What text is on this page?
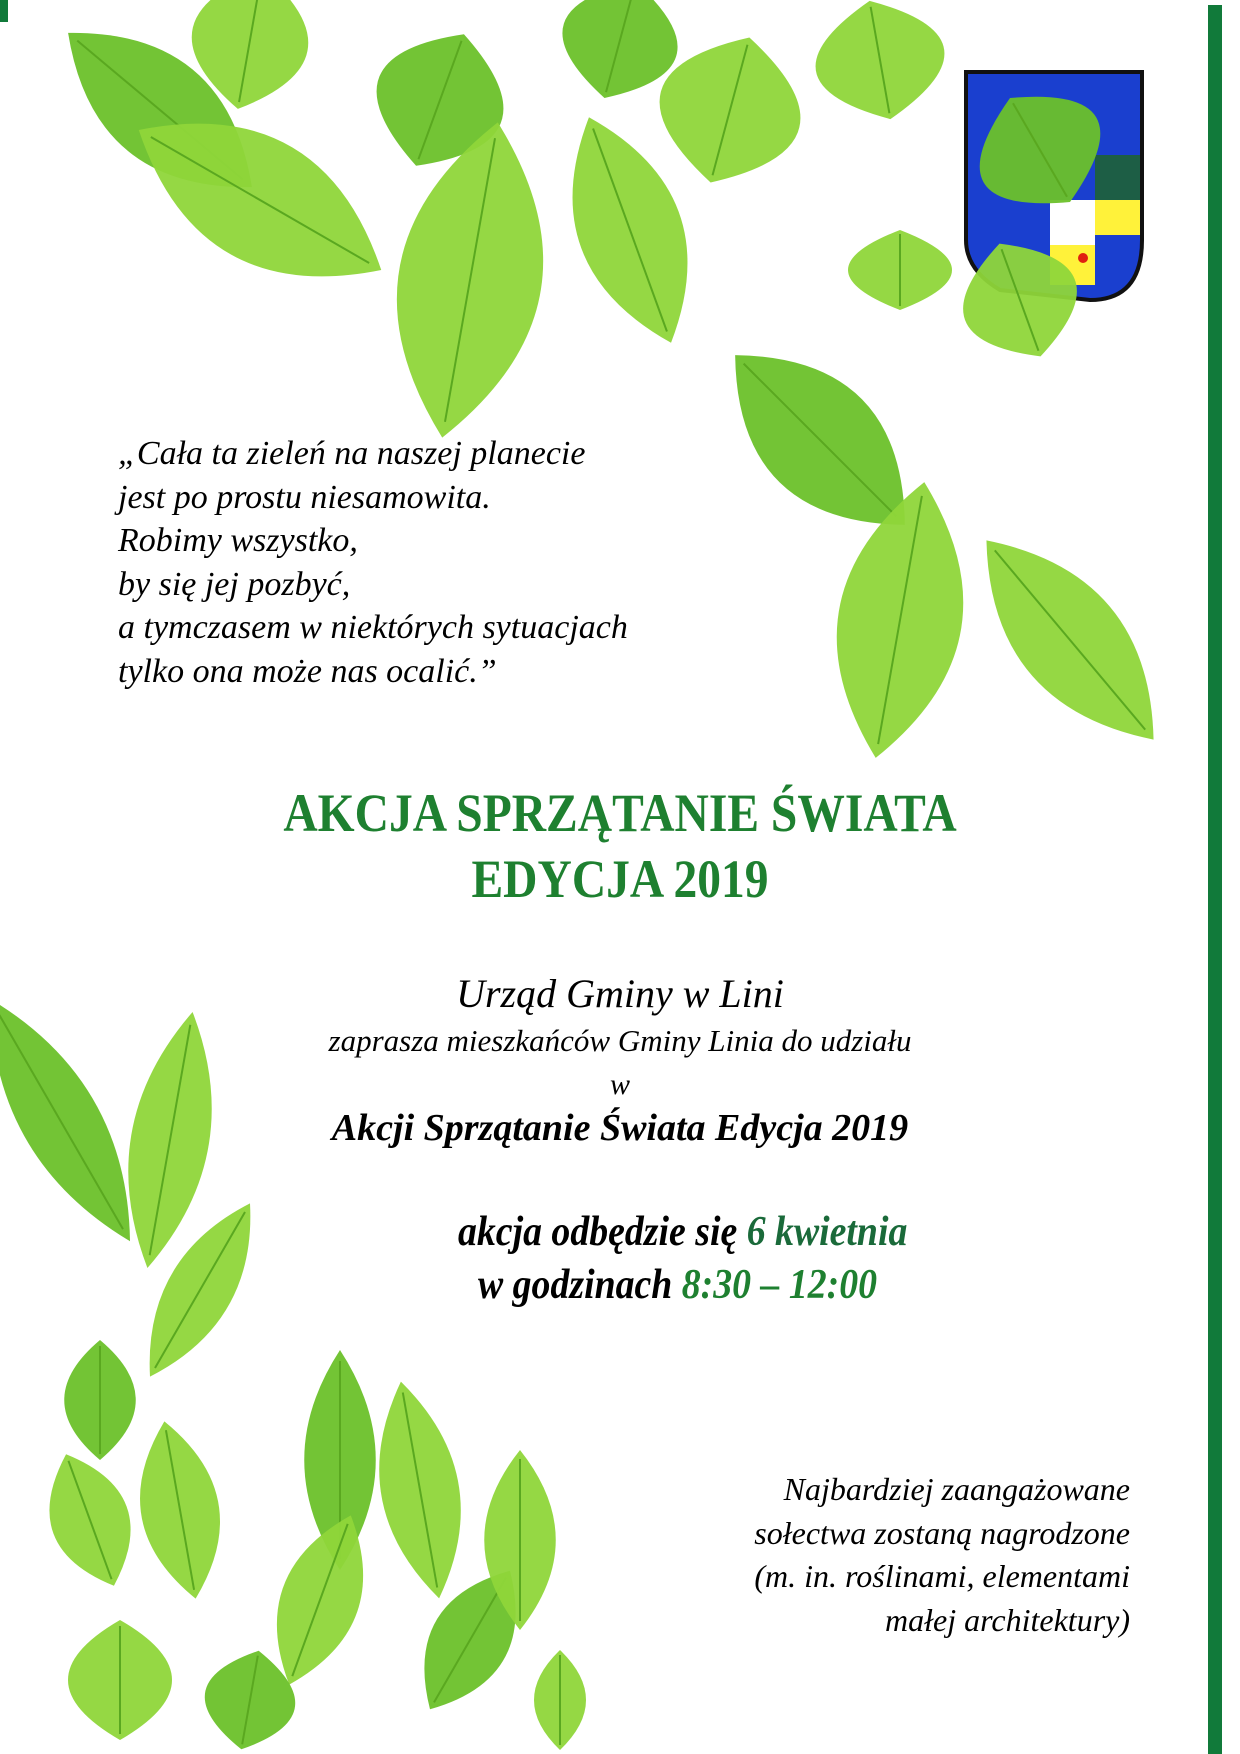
„Cała ta zieleń na naszej planecie
jest po prostu niesamowita.
Robimy wszystko,
by się jej pozbyć,
a tymczasem w niektórych sytuacjach
tylko ona może nas ocalić.”
AKCJA SPRZĄTANIE ŚWIATA
EDYCJA 2019
Urząd Gminy w Lini
zaprasza mieszkańców Gminy Linia do udziału
w
Akcji Sprzątanie Świata Edycja 2019
akcja odbędzie się 6 kwietnia
w godzinach 8:30 – 12:00
Najbardziej zaangażowane
sołectwa zostaną nagrodzone
(m. in. roślinami, elementami
małej architektury)
